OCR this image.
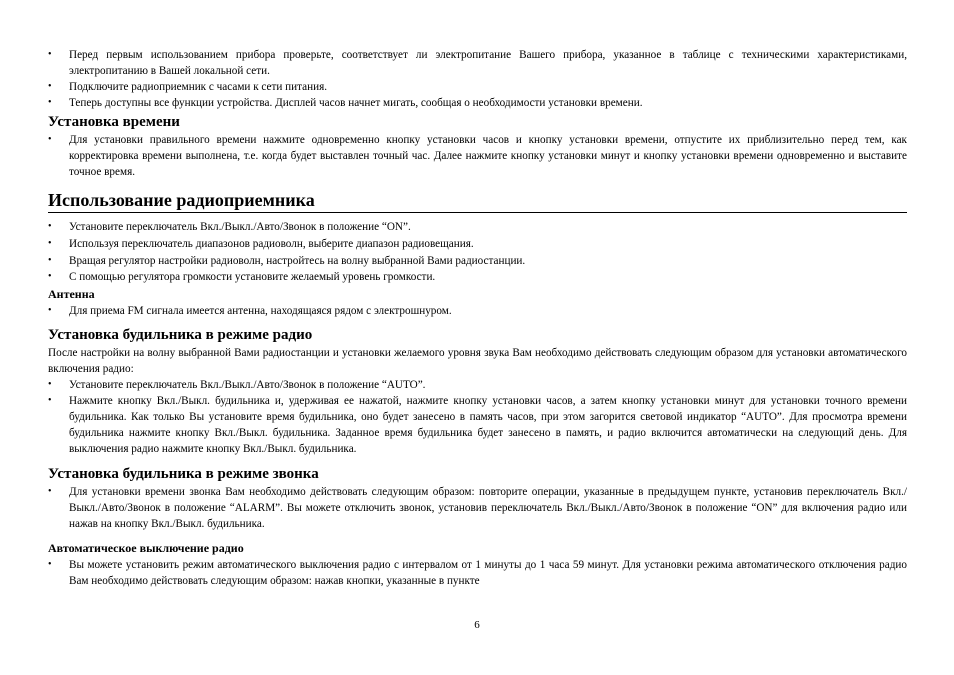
• Перед первым использованием прибора проверьте, соответствует ли электропитание Вашего прибора, указанное в таблице с техническими характеристиками, электропитанию в Вашей локальной сети.

• Подключите радиоприемник с часами к сети питания.

• Теперь доступны все функции устройства. Дисплей часов начнет мигать, сообщая о необходимости установки времени.

Установка времени

• Для установки правильного времени нажмите одновременно кнопку установки часов и кнопку установки времени, отпустите их приблизительно перед тем, как корректировка времени выполнена, т.е. когда будет выставлен точный час. Далее нажмите кнопку установки минут и кнопку установки времени одновременно и выставите точное время.

Использование радиоприемника

• Установите переключатель Вкл./Выкл./Авто/Звонок в положение “ON”.

• Используя переключатель диапазонов радиоволн, выберите диапазон радиовещания.

• Вращая регулятор настройки радиоволн, настройтесь на волну выбранной Вами радиостанции.

• С помощью регулятора громкости установите желаемый уровень громкости.

Антенна

• Для приема FM сигнала имеется антенна, находящаяся рядом с электрошнуром.

Установка будильника в режиме радио

После настройки на волну выбранной Вами радиостанции и установки желаемого уровня звука Вам необходимо действовать следующим образом для установки автоматического включения радио:

• Установите переключатель Вкл./Выкл./Авто/Звонок в положение “AUTO”.

• Нажмите кнопку Вкл./Выкл. будильника и, удерживая ее нажатой, нажмите кнопку установки часов, а затем кнопку установки минут для установки точного времени будильника. Как только Вы установите время будильника, оно будет занесено в память часов, при этом загорится световой индикатор “AUTO”. Для просмотра времени будильника нажмите кнопку Вкл./Выкл. будильника. Заданное время будильника будет занесено в память, и радио включится автоматически на следующий день. Для выключения радио нажмите кнопку Вкл./Выкл. будильника.

Установка будильника в режиме звонка

• Для установки времени звонка Вам необходимо действовать следующим образом: повторите операции, указанные в предыдущем пункте, установив переключатель Вкл./Выкл./Авто/Звонок в положение “ALARM”. Вы можете отключить звонок, установив переключатель Вкл./Выкл./Авто/Звонок в положение “ON” для включения радио или нажав на кнопку Вкл./Выкл. будильника.

Автоматическое выключение радио

• Вы можете установить режим автоматического выключения радио с интервалом от 1 минуты до 1 часа 59 минут. Для установки режима автоматического отключения радио Вам необходимо действовать следующим образом: нажав кнопки, указанные в пункте

6
